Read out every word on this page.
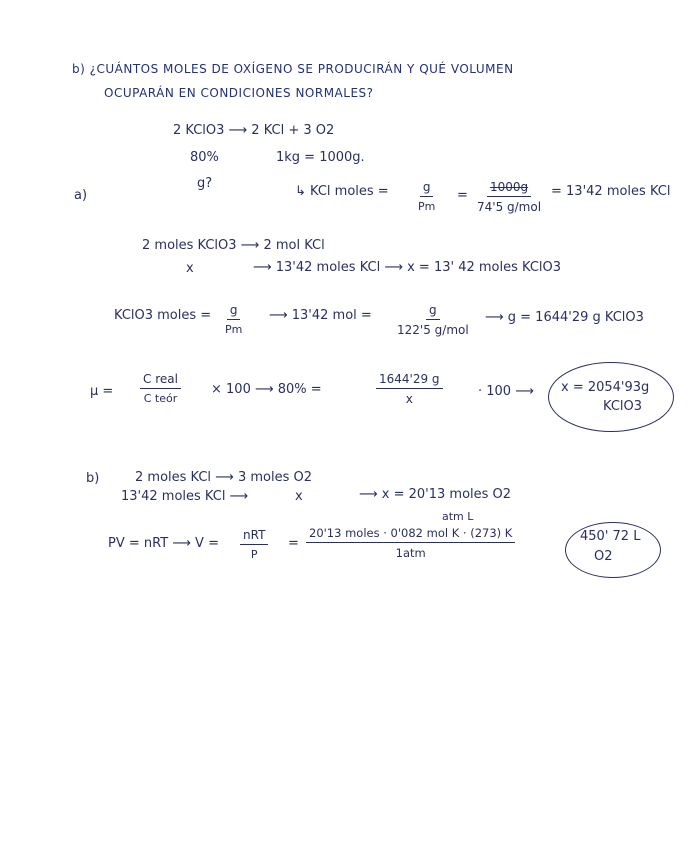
b) ¿CUÁNTOS MOLES DE OXÍGENO SE PRODUCIRÁN Y QUÉ VOLUMEN
OCUPARÁN EN CONDICIONES NORMALES?
2 KClO3 ⟶ 2 KCl + 3 O2
80%	1kg = 1000g.
g?
a)	↳ KCl moles = $\frac{g}{Pm}$ =
1000g
74'5 g/mol
= 13'42 moles KCl
2 moles KClO3 ⟶ 2 mol KCl
x	⟶ 13'42 moles KCl ⟶ x = 13' 42 moles KClO3
KClO3 moles = $\frac{g}{Pm}$ ⟶ 13'42 mol =	g
122'5 g/mol
⟶ g = 1644'29 g KClO3
μ =
C real
C teór
× 100 ⟶ 80% =	$\frac{1644'29 g}{x}$	· 100 ⟶ x = 2054'93g
KClO3
b)	2 moles KCl ⟶ 3 moles O2
13'42 moles KCl ⟶	x	⟶ x = 20'13 moles O2
PV = nRT ⟶ V =
nRT
P
=
atm L
20'13 moles · 0'082 mol K · (273) K
1atm
450' 72 L
O2
